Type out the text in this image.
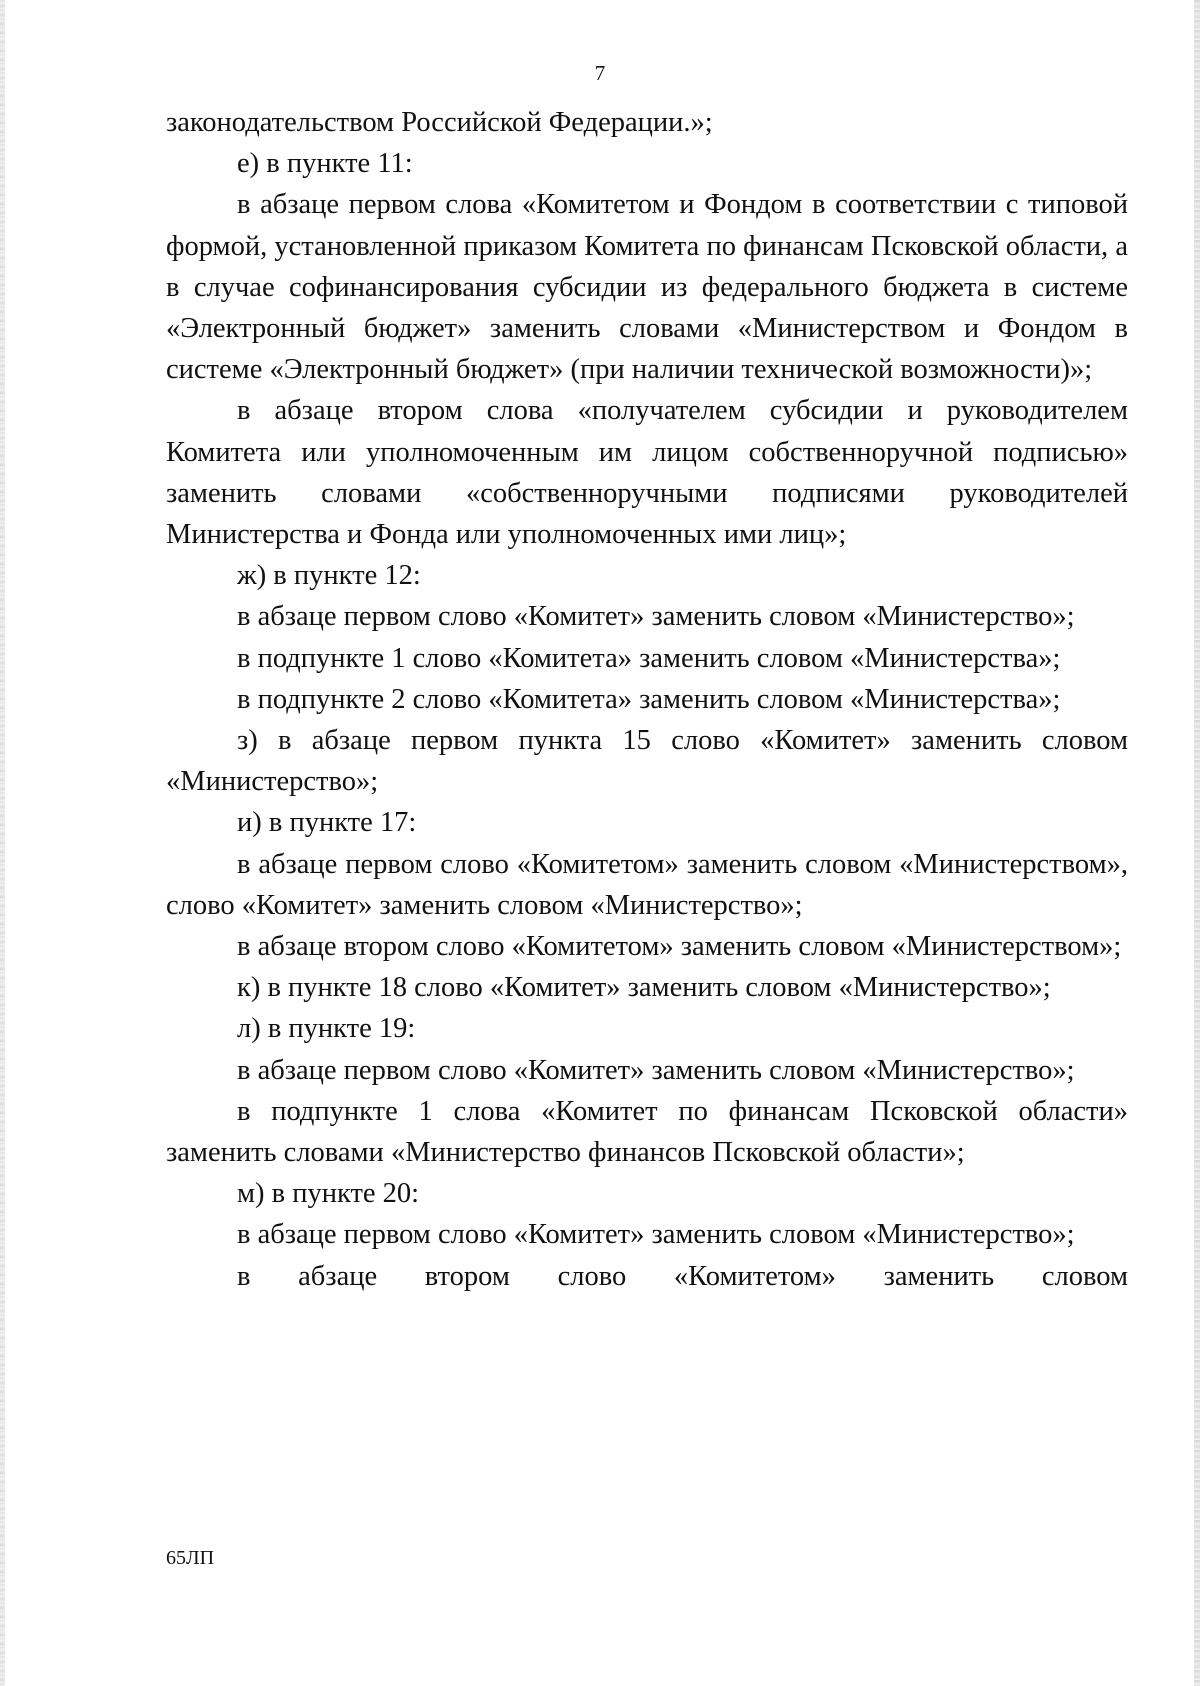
7

законодательством Российской Федерации.»;

е) в пункте 11:

в абзаце первом слова «Комитетом и Фондом в соответствии с типовой формой, установленной приказом Комитета по финансам Псковской области, а в случае софинансирования субсидии из федерального бюджета в системе «Электронный бюджет» заменить словами «Министерством и Фондом в системе «Электронный бюджет» (при наличии технической возможности)»;

в абзаце втором слова «получателем субсидии и руководителем Комитета или уполномоченным им лицом собственноручной подписью» заменить словами «собственноручными подписями руководителей Министерства и Фонда или уполномоченных ими лиц»;

ж) в пункте 12:

в абзаце первом слово «Комитет» заменить словом «Министерство»;

в подпункте 1 слово «Комитета» заменить словом «Министерства»;

в подпункте 2 слово «Комитета» заменить словом «Министерства»;

з) в абзаце первом пункта 15 слово «Комитет» заменить словом «Министерство»;

и) в пункте 17:

в абзаце первом слово «Комитетом» заменить словом «Министерством», слово «Комитет» заменить словом «Министерство»;

в абзаце втором слово «Комитетом» заменить словом «Министерством»;

к) в пункте 18 слово «Комитет» заменить словом «Министерство»;

л) в пункте 19:

в абзаце первом слово «Комитет» заменить словом «Министерство»;

в подпункте 1 слова «Комитет по финансам Псковской области» заменить словами «Министерство финансов Псковской области»;

м) в пункте 20:

в абзаце первом слово «Комитет» заменить словом «Министерство»;

в абзаце втором слово «Комитетом» заменить словом

65ЛП
